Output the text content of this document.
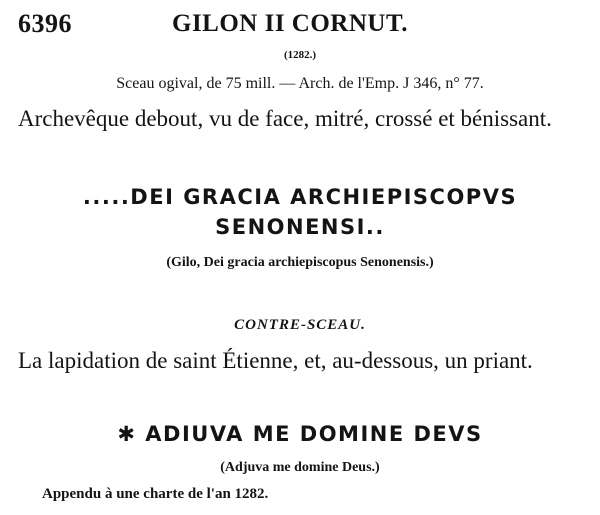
6396	GILON II CORNUT.
(1282.)
Sceau ogival, de 75 mill. — Arch. de l'Emp. J 346, n° 77.
Archevêque debout, vu de face, mitré, crossé et bénissant.
.....DEI GRACIA ARCHIEPISCOPVS
SENONENSI..
(Gilo, Dei gracia archiepiscopus Senonensis.)
CONTRE-SCEAU.
La lapidation de saint Étienne, et, au-dessous, un priant.
✱ ADIUVA ME DOMINE DEVS
(Adjuva me domine Deus.)
Appendu à une charte de l'an 1282.
